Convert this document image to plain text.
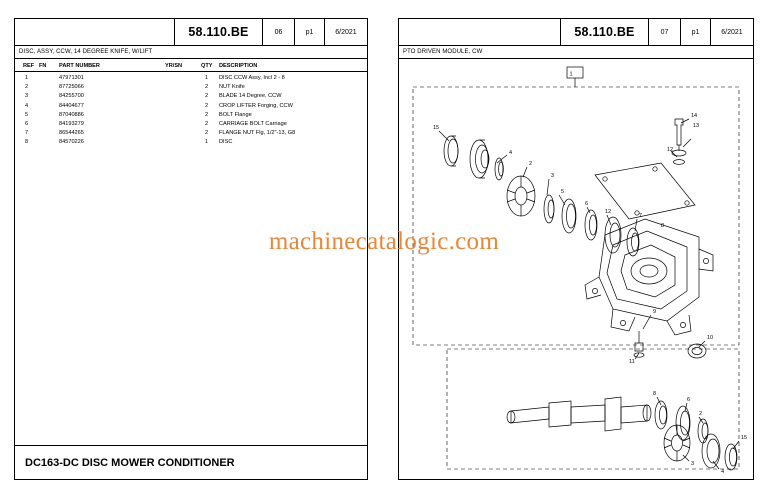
58.110.BE	06	p1	6/2021
DISC, ASSY, CCW, 14 DEGREE KNIFE, W/LIFT
REF FN PART NUMBER	YR/SN	QTY DESCRIPTION
1	47971301	1 DISC CCW Assy, Incl 2 - 8
2	87725066	2 NUT Knife
3	84255700	2 BLADE 14 Degree, CCW
4	84404677	2 CROP LIFTER Forging, CCW
5	87040886	2 BOLT Flange
6	84193279	2 CARRIAGE BOLT Carriage
7	86544265	2 FLANGE NUT Flg, 1/2"-13, G8
8	84570226	1 DISC
DC163-DC DISC MOWER CONDITIONER
58.110.BE	07	p1	6/2021
PTO DRIVEN MODULE, CW
1
15
4
2
3
5
6
12
7
8
14
13
12
9
11
10
8
6
2
3
4
15
machinecatalogic.com
